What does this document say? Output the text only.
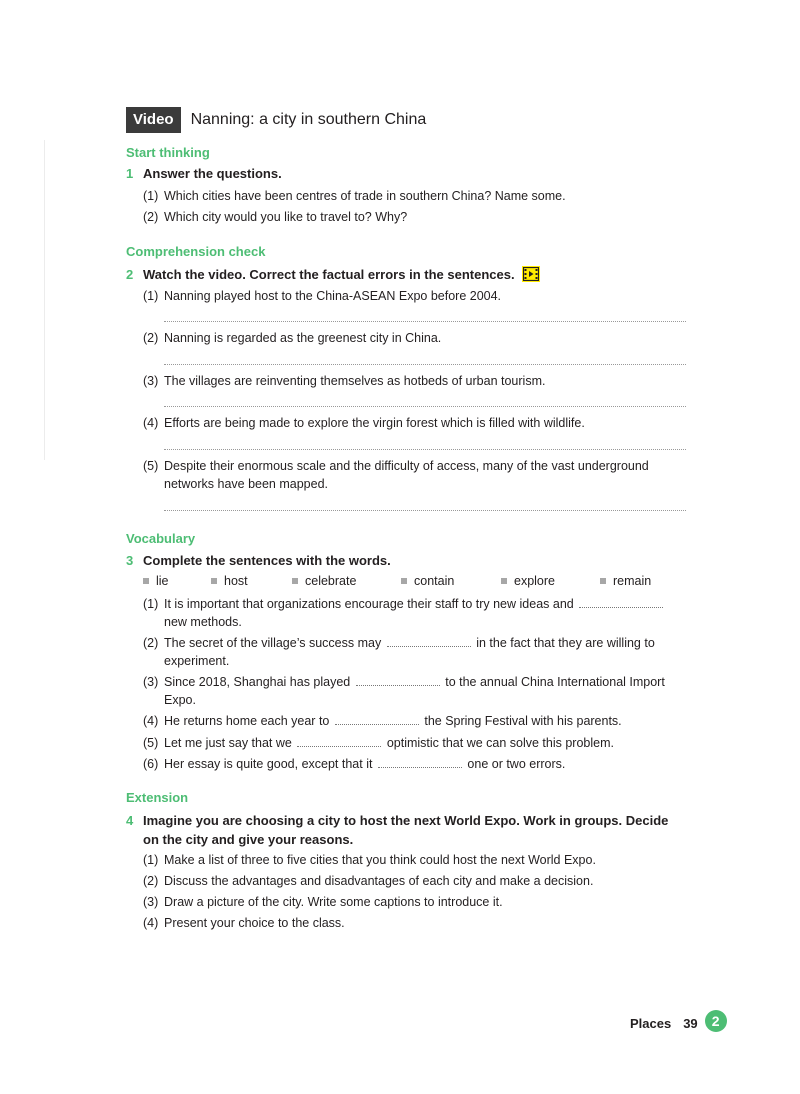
Video	Nanning: a city in southern China
Start thinking
1 Answer the questions.
(1) Which cities have been centres of trade in southern China? Name some.
(2) Which city would you like to travel to? Why?
Comprehension check
2 Watch the video. Correct the factual errors in the sentences.
(1) Nanning played host to the China-ASEAN Expo before 2004.
(2) Nanning is regarded as the greenest city in China.
(3) The villages are reinventing themselves as hotbeds of urban tourism.
(4) Efforts are being made to explore the virgin forest which is filled with wildlife.
(5) Despite their enormous scale and the difficulty of access, many of the vast underground networks have been mapped.
Vocabulary
3 Complete the sentences with the words.
lie	host	celebrate	contain	explore	remain
(1) It is important that organizations encourage their staff to try new ideas and
new methods.
(2) The secret of the village’s success may	in the fact that they are willing to experiment.
(3) Since 2018, Shanghai has played	to the annual China International Import Expo.
(4) He returns home each year to	the Spring Festival with his parents.
(5) Let me just say that we	optimistic that we can solve this problem.
(6) Her essay is quite good, except that it	one or two errors.
Extension
4 Imagine you are choosing a city to host the next World Expo. Work in groups. Decide on the city and give your reasons.
(1) Make a list of three to five cities that you think could host the next World Expo.
(2) Discuss the advantages and disadvantages of each city and make a decision.
(3) Draw a picture of the city. Write some captions to introduce it.
(4) Present your choice to the class.
Places 39	2
